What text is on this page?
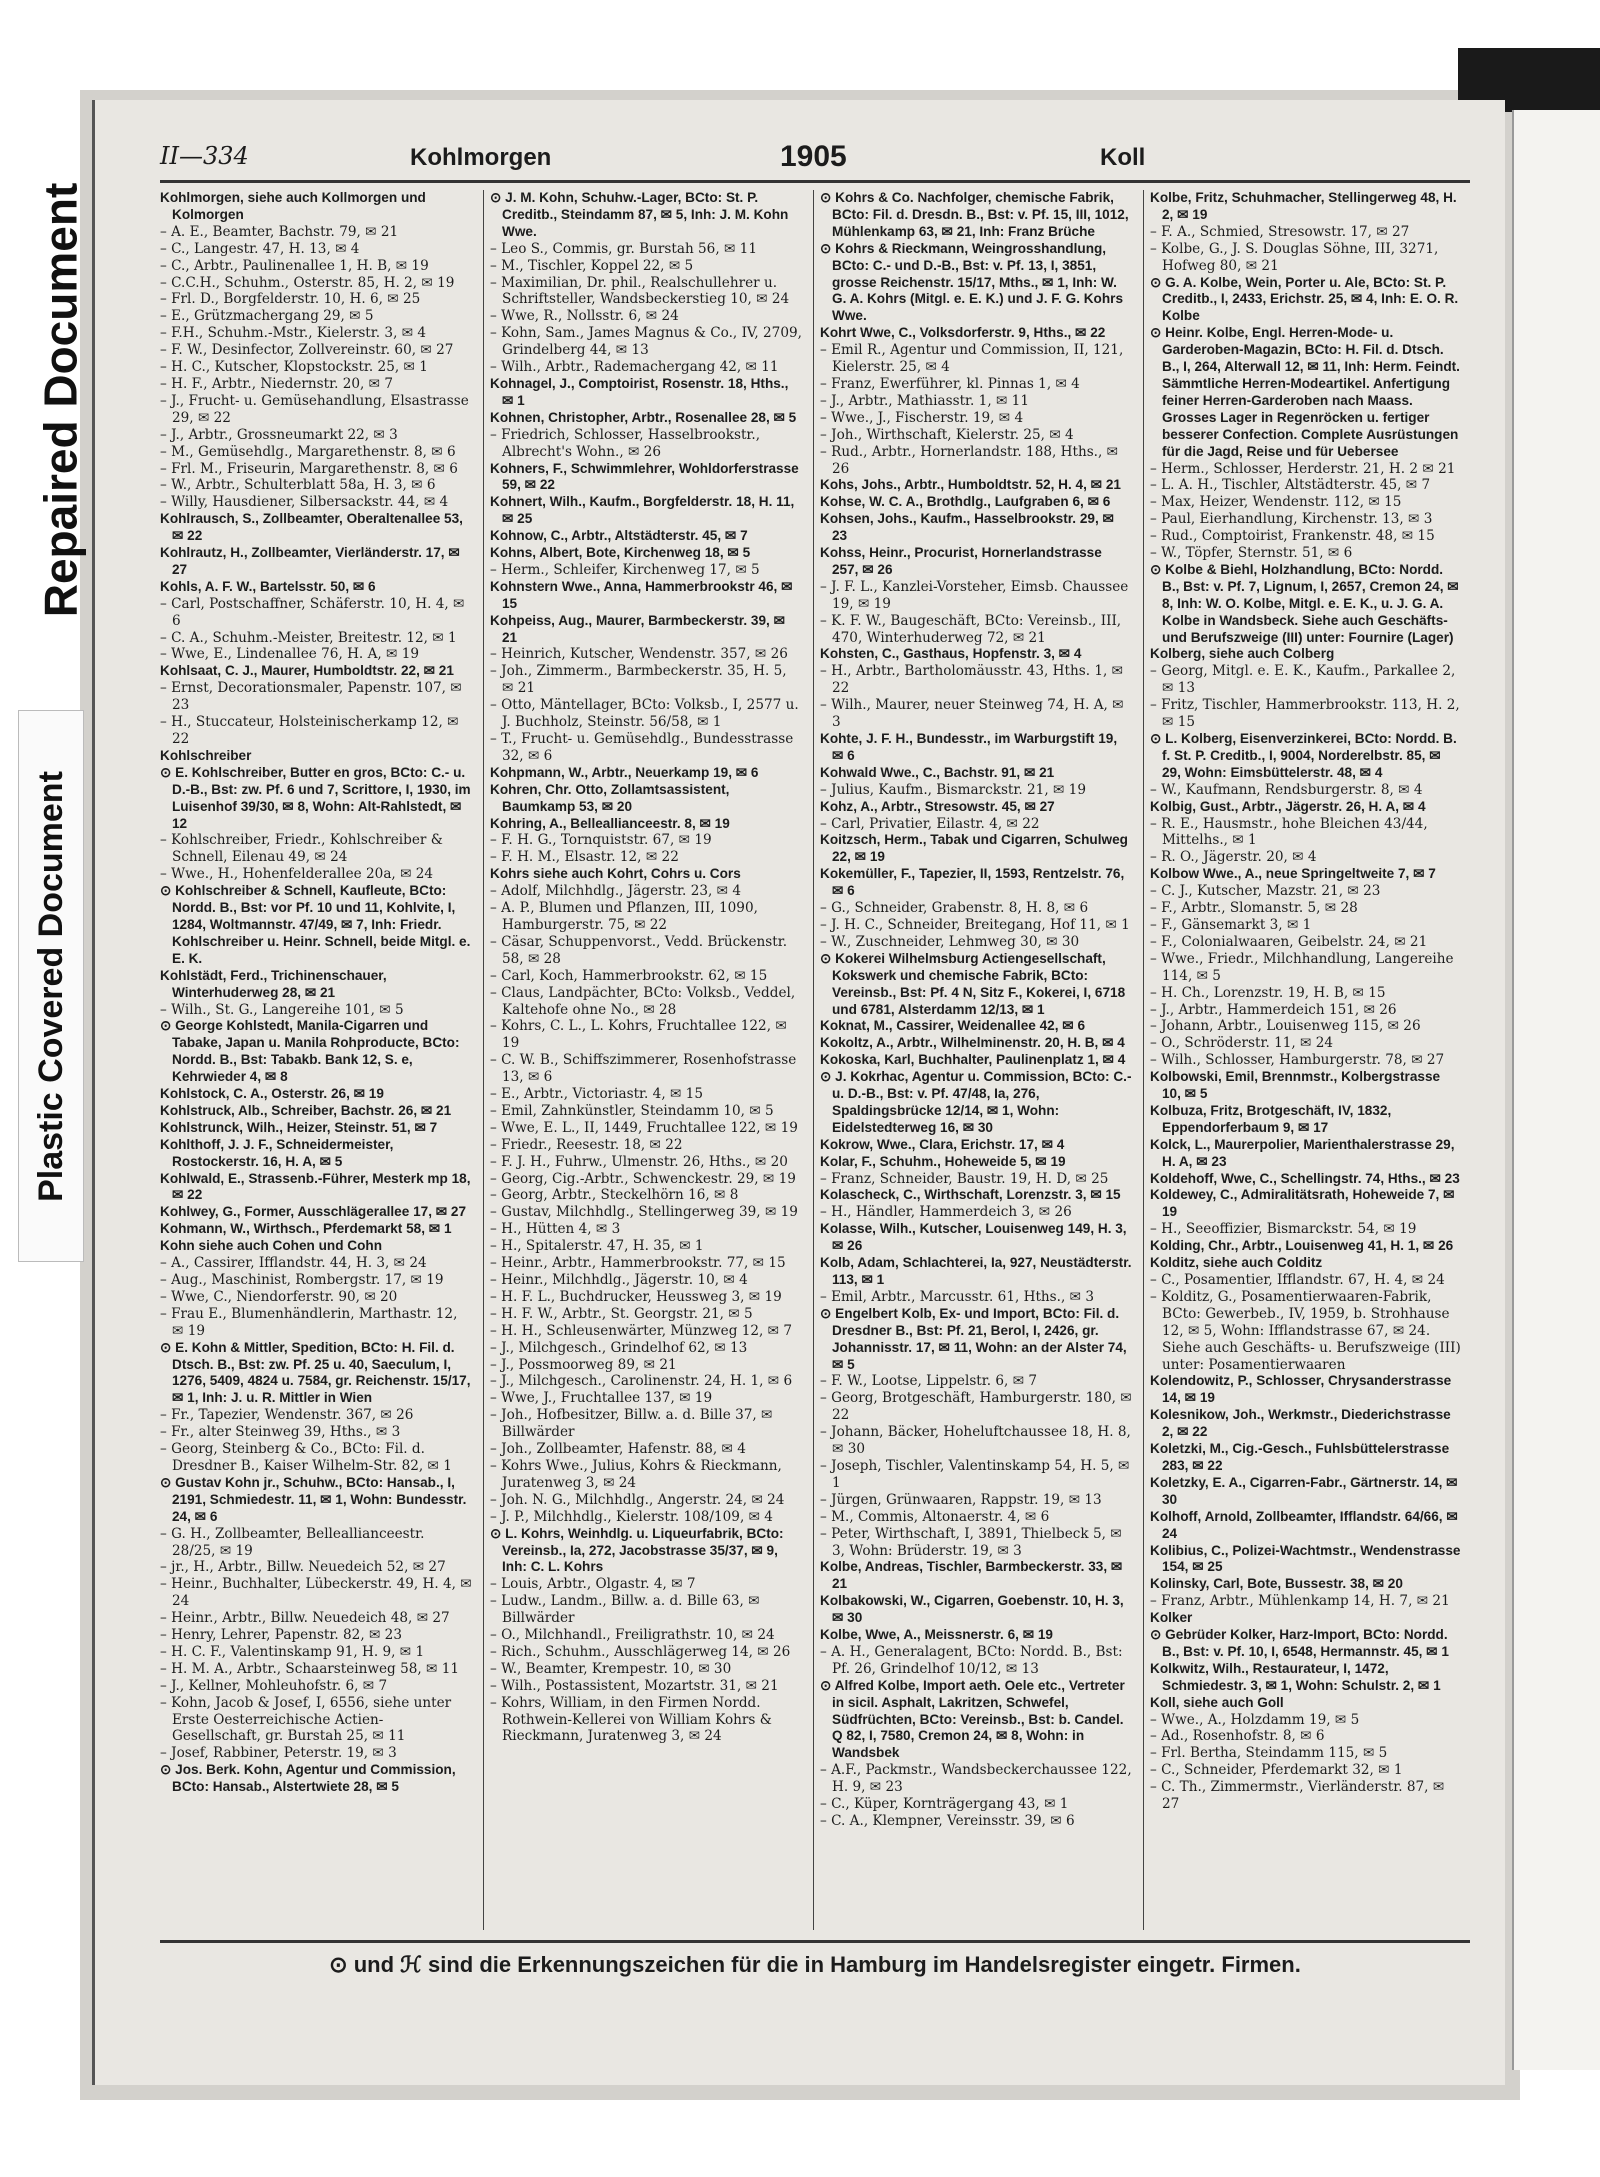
Repaired Document
Plastic Covered Document
II—334	Kohlmorgen	1905	Koll

Kohlmorgen, siehe auch Kollmorgen und Kolmorgen

– A. E., Beamter, Bachstr. 79, ✉ 21

– C., Langestr. 47, H. 13, ✉ 4

– C., Arbtr., Paulinenallee 1, H. B, ✉ 19

– C.C.H., Schuhm., Osterstr. 85, H. 2, ✉ 19

– Frl. D., Borgfelderstr. 10, H. 6, ✉ 25

– E., Grützmachergang 29, ✉ 5

– F.H., Schuhm.-Mstr., Kielerstr. 3, ✉ 4

– F. W., Desinfector, Zollvereinstr. 60, ✉ 27

– H. C., Kutscher, Klopstockstr. 25, ✉ 1

– H. F., Arbtr., Niedernstr. 20, ✉ 7

– J., Frucht- u. Gemüsehandlung, Elsastrasse 29, ✉ 22

– J., Arbtr., Grossneumarkt 22, ✉ 3

– M., Gemüsehdlg., Margarethenstr. 8, ✉ 6

– Frl. M., Friseurin, Margarethenstr. 8, ✉ 6

– W., Arbtr., Schulterblatt 58a, H. 3, ✉ 6

– Willy, Hausdiener, Silbersackstr. 44, ✉ 4

Kohlrausch, S., Zollbeamter, Oberaltenallee 53, ✉ 22

Kohlrautz, H., Zollbeamter, Vierländerstr. 17, ✉ 27

Kohls, A. F. W., Bartelsstr. 50, ✉ 6

– Carl, Postschaffner, Schäferstr. 10, H. 4, ✉ 6

– C. A., Schuhm.-Meister, Breitestr. 12, ✉ 1

– Wwe, E., Lindenallee 76, H. A, ✉ 19

Kohlsaat, C. J., Maurer, Humboldtstr. 22, ✉ 21

– Ernst, Decorationsmaler, Papenstr. 107, ✉ 23

– H., Stuccateur, Holsteinischerkamp 12, ✉ 22

Kohlschreiber

⊙ E. Kohlschreiber, Butter en gros, BCto: C.- u. D.-B., Bst: zw. Pf. 6 und 7, Scrittore, I, 1930, im Luisenhof 39/30, ✉ 8, Wohn: Alt-Rahlstedt, ✉ 12

– Kohlschreiber, Friedr., Kohlschreiber & Schnell, Eilenau 49, ✉ 24

– Wwe., H., Hohenfelderallee 20a, ✉ 24

⊙ Kohlschreiber & Schnell, Kaufleute, BCto: Nordd. B., Bst: vor Pf. 10 und 11, Kohlvite, I, 1284, Woltmannstr. 47/49, ✉ 7, Inh: Friedr. Kohlschreiber u. Heinr. Schnell, beide Mitgl. e. E. K.

Kohlstädt, Ferd., Trichinenschauer, Winterhuderweg 28, ✉ 21

– Wilh., St. G., Langereihe 101, ✉ 5

⊙ George Kohlstedt, Manila-Cigarren und Tabake, Japan u. Manila Rohproducte, BCto: Nordd. B., Bst: Tabakb. Bank 12, S. e, Kehrwieder 4, ✉ 8

Kohlstock, C. A., Osterstr. 26, ✉ 19

Kohlstruck, Alb., Schreiber, Bachstr. 26, ✉ 21

Kohlstrunck, Wilh., Heizer, Steinstr. 51, ✉ 7

Kohlthoff, J. J. F., Schneidermeister, Rostockerstr. 16, H. A, ✉ 5

Kohlwald, E., Strassenb.-Führer, Mesterk mp 18, ✉ 22

Kohlwey, G., Former, Ausschlägerallee 17, ✉ 27

Kohmann, W., Wirthsch., Pferdemarkt 58, ✉ 1

Kohn siehe auch Cohen und Cohn

– A., Cassirer, Ifflandstr. 44, H. 3, ✉ 24

– Aug., Maschinist, Rombergstr. 17, ✉ 19

– Wwe, C., Niendorferstr. 90, ✉ 20

– Frau E., Blumenhändlerin, Marthastr. 12, ✉ 19

⊙ E. Kohn & Mittler, Spedition, BCto: H. Fil. d. Dtsch. B., Bst: zw. Pf. 25 u. 40, Saeculum, I, 1276, 5409, 4824 u. 7584, gr. Reichenstr. 15/17, ✉ 1, Inh: J. u. R. Mittler in Wien

– Fr., Tapezier, Wendenstr. 367, ✉ 26

– Fr., alter Steinweg 39, Hths., ✉ 3

– Georg, Steinberg & Co., BCto: Fil. d. Dresdner B., Kaiser Wilhelm-Str. 82, ✉ 1

⊙ Gustav Kohn jr., Schuhw., BCto: Hansab., I, 2191, Schmiedestr. 11, ✉ 1, Wohn: Bundesstr. 24, ✉ 6

– G. H., Zollbeamter, Belleallianceestr. 28/25, ✉ 19

– jr., H., Arbtr., Billw. Neuedeich 52, ✉ 27

– Heinr., Buchhalter, Lübeckerstr. 49, H. 4, ✉ 24

– Heinr., Arbtr., Billw. Neuedeich 48, ✉ 27

– Henry, Lehrer, Papenstr. 82, ✉ 23

– H. C. F., Valentinskamp 91, H. 9, ✉ 1

– H. M. A., Arbtr., Schaarsteinweg 58, ✉ 11

– J., Kellner, Mohleuhofstr. 6, ✉ 7

– Kohn, Jacob & Josef, I, 6556, siehe unter Erste Oesterreichische Actien-Gesellschaft, gr. Burstah 25, ✉ 11

– Josef, Rabbiner, Peterstr. 19, ✉ 3

⊙ Jos. Berk. Kohn, Agentur und Commission, BCto: Hansab., Alstertwiete 28, ✉ 5

⊙ J. M. Kohn, Schuhw.-Lager, BCto: St. P. Creditb., Steindamm 87, ✉ 5, Inh: J. M. Kohn Wwe.

– Leo S., Commis, gr. Burstah 56, ✉ 11

– M., Tischler, Koppel 22, ✉ 5

– Maximilian, Dr. phil., Realschullehrer u. Schriftsteller, Wandsbeckerstieg 10, ✉ 24

– Wwe, R., Nollsstr. 6, ✉ 24

– Kohn, Sam., James Magnus & Co., IV, 2709, Grindelberg 44, ✉ 13

– Wilh., Arbtr., Rademachergang 42, ✉ 11

Kohnagel, J., Comptoirist, Rosenstr. 18, Hths., ✉ 1

Kohnen, Christopher, Arbtr., Rosenallee 28, ✉ 5

– Friedrich, Schlosser, Hasselbrookstr., Albrecht's Wohn., ✉ 26

Kohners, F., Schwimmlehrer, Wohldorferstrasse 59, ✉ 22

Kohnert, Wilh., Kaufm., Borgfelderstr. 18, H. 11, ✉ 25

Kohnow, C., Arbtr., Altstädterstr. 45, ✉ 7

Kohns, Albert, Bote, Kirchenweg 18, ✉ 5

– Herm., Schleifer, Kirchenweg 17, ✉ 5

Kohnstern Wwe., Anna, Hammerbrookstr 46, ✉ 15

Kohpeiss, Aug., Maurer, Barmbeckerstr. 39, ✉ 21

– Heinrich, Kutscher, Wendenstr. 357, ✉ 26

– Joh., Zimmerm., Barmbeckerstr. 35, H. 5, ✉ 21

– Otto, Mäntellager, BCto: Volksb., I, 2577 u. J. Buchholz, Steinstr. 56/58, ✉ 1

– T., Frucht- u. Gemüsehdlg., Bundesstrasse 32, ✉ 6

Kohpmann, W., Arbtr., Neuerkamp 19, ✉ 6

Kohren, Chr. Otto, Zollamtsassistent, Baumkamp 53, ✉ 20

Kohring, A., Belleallianceestr. 8, ✉ 19

– F. H. G., Tornquiststr. 67, ✉ 19

– F. H. M., Elsastr. 12, ✉ 22

Kohrs siehe auch Kohrt, Cohrs u. Cors

– Adolf, Milchhdlg., Jägerstr. 23, ✉ 4

– A. P., Blumen und Pflanzen, III, 1090, Hamburgerstr. 75, ✉ 22

– Cäsar, Schuppenvorst., Vedd. Brückenstr. 58, ✉ 28

– Carl, Koch, Hammerbrookstr. 62, ✉ 15

– Claus, Landpächter, BCto: Volksb., Veddel, Kaltehofe ohne No., ✉ 28

– Kohrs, C. L., L. Kohrs, Fruchtallee 122, ✉ 19

– C. W. B., Schiffszimmerer, Rosenhofstrasse 13, ✉ 6

– E., Arbtr., Victoriastr. 4, ✉ 15

– Emil, Zahnkünstler, Steindamm 10, ✉ 5

– Wwe, E. L., II, 1449, Fruchtallee 122, ✉ 19

– Friedr., Reesestr. 18, ✉ 22

– F. J. H., Fuhrw., Ulmenstr. 26, Hths., ✉ 20

– Georg, Cig.-Arbtr., Schwenckestr. 29, ✉ 19

– Georg, Arbtr., Steckelhörn 16, ✉ 8

– Gustav, Milchhdlg., Stellingerweg 39, ✉ 19

– H., Hütten 4, ✉ 3

– H., Spitalerstr. 47, H. 35, ✉ 1

– Heinr., Arbtr., Hammerbrookstr. 77, ✉ 15

– Heinr., Milchhdlg., Jägerstr. 10, ✉ 4

– H. F. L., Buchdrucker, Heussweg 3, ✉ 19

– H. F. W., Arbtr., St. Georgstr. 21, ✉ 5

– H. H., Schleusenwärter, Münzweg 12, ✉ 7

– J., Milchgesch., Grindelhof 62, ✉ 13

– J., Possmoorweg 89, ✉ 21

– J., Milchgesch., Carolinenstr. 24, H. 1, ✉ 6

– Wwe, J., Fruchtallee 137, ✉ 19

– Joh., Hofbesitzer, Billw. a. d. Bille 37, ✉ Billwärder

– Joh., Zollbeamter, Hafenstr. 88, ✉ 4

– Kohrs Wwe., Julius, Kohrs & Rieckmann, Juratenweg 3, ✉ 24

– Joh. N. G., Milchhdlg., Angerstr. 24, ✉ 24

– J. P., Milchhdlg., Kielerstr. 108/109, ✉ 4

⊙ L. Kohrs, Weinhdlg. u. Liqueurfabrik, BCto: Vereinsb., Ia, 272, Jacobstrasse 35/37, ✉ 9, Inh: C. L. Kohrs

– Louis, Arbtr., Olgastr. 4, ✉ 7

– Ludw., Landm., Billw. a. d. Bille 63, ✉ Billwärder

– O., Milchhandl., Freiligrathstr. 10, ✉ 24

– Rich., Schuhm., Ausschlägerweg 14, ✉ 26

– W., Beamter, Krempestr. 10, ✉ 30

– Wilh., Postassistent, Mozartstr. 31, ✉ 21

– Kohrs, William, in den Firmen Nordd. Rothwein-Kellerei von William Kohrs & Rieckmann, Juratenweg 3, ✉ 24

⊙ Kohrs & Co. Nachfolger, chemische Fabrik, BCto: Fil. d. Dresdn. B., Bst: v. Pf. 15, III, 1012, Mühlenkamp 63, ✉ 21, Inh: Franz Brüche

⊙ Kohrs & Rieckmann, Weingrosshandlung, BCto: C.- und D.-B., Bst: v. Pf. 13, I, 3851, grosse Reichenstr. 15/17, Mths., ✉ 1, Inh: W. G. A. Kohrs (Mitgl. e. E. K.) und J. F. G. Kohrs Wwe.

Kohrt Wwe, C., Volksdorferstr. 9, Hths., ✉ 22

– Emil R., Agentur und Commission, II, 121, Kielerstr. 25, ✉ 4

– Franz, Ewerführer, kl. Pinnas 1, ✉ 4

– J., Arbtr., Mathiasstr. 1, ✉ 11

– Wwe., J., Fischerstr. 19, ✉ 4

– Joh., Wirthschaft, Kielerstr. 25, ✉ 4

– Rud., Arbtr., Hornerlandstr. 188, Hths., ✉ 26

Kohs, Johs., Arbtr., Humboldtstr. 52, H. 4, ✉ 21

Kohse, W. C. A., Brothdlg., Laufgraben 6, ✉ 6

Kohsen, Johs., Kaufm., Hasselbrookstr. 29, ✉ 23

Kohss, Heinr., Procurist, Hornerlandstrasse 257, ✉ 26

– J. F. L., Kanzlei-Vorsteher, Eimsb. Chaussee 19, ✉ 19

– K. F. W., Baugeschäft, BCto: Vereinsb., III, 470, Winterhuderweg 72, ✉ 21

Kohsten, C., Gasthaus, Hopfenstr. 3, ✉ 4

– H., Arbtr., Bartholomäusstr. 43, Hths. 1, ✉ 22

– Wilh., Maurer, neuer Steinweg 74, H. A, ✉ 3

Kohte, J. F. H., Bundesstr., im Warburgstift 19, ✉ 6

Kohwald Wwe., C., Bachstr. 91, ✉ 21

– Julius, Kaufm., Bismarckstr. 21, ✉ 19

Kohz, A., Arbtr., Stresowstr. 45, ✉ 27

– Carl, Privatier, Eilastr. 4, ✉ 22

Koitzsch, Herm., Tabak und Cigarren, Schulweg 22, ✉ 19

Kokemüller, F., Tapezier, II, 1593, Rentzelstr. 76, ✉ 6

– G., Schneider, Grabenstr. 8, H. 8, ✉ 6

– J. H. C., Schneider, Breitegang, Hof 11, ✉ 1

– W., Zuschneider, Lehmweg 30, ✉ 30

⊙ Kokerei Wilhelmsburg Actiengesellschaft, Kokswerk und chemische Fabrik, BCto: Vereinsb., Bst: Pf. 4 N, Sitz F., Kokerei, I, 6718 und 6781, Alsterdamm 12/13, ✉ 1

Koknat, M., Cassirer, Weidenallee 42, ✉ 6

Kokoltz, A., Arbtr., Wilhelminenstr. 20, H. B, ✉ 4

Kokoska, Karl, Buchhalter, Paulinenplatz 1, ✉ 4

⊙ J. Kokrhac, Agentur u. Commission, BCto: C.- u. D.-B., Bst: v. Pf. 47/48, Ia, 276, Spaldingsbrücke 12/14, ✉ 1, Wohn: Eidelstedterweg 16, ✉ 30

Kokrow, Wwe., Clara, Erichstr. 17, ✉ 4

Kolar, F., Schuhm., Hoheweide 5, ✉ 19

– Franz, Schneider, Baustr. 19, H. D, ✉ 25

Kolascheck, C., Wirthschaft, Lorenzstr. 3, ✉ 15

– H., Händler, Hammerdeich 3, ✉ 26

Kolasse, Wilh., Kutscher, Louisenweg 149, H. 3, ✉ 26

Kolb, Adam, Schlachterei, Ia, 927, Neustädterstr. 113, ✉ 1

– Emil, Arbtr., Marcusstr. 61, Hths., ✉ 3

⊙ Engelbert Kolb, Ex- und Import, BCto: Fil. d. Dresdner B., Bst: Pf. 21, Berol, I, 2426, gr. Johannisstr. 17, ✉ 11, Wohn: an der Alster 74, ✉ 5

– F. W., Lootse, Lippelstr. 6, ✉ 7

– Georg, Brotgeschäft, Hamburgerstr. 180, ✉ 22

– Johann, Bäcker, Hoheluftchaussee 18, H. 8, ✉ 30

– Joseph, Tischler, Valentinskamp 54, H. 5, ✉ 1

– Jürgen, Grünwaaren, Rappstr. 19, ✉ 13

– M., Commis, Altonaerstr. 4, ✉ 6

– Peter, Wirthschaft, I, 3891, Thielbeck 5, ✉ 3, Wohn: Brüderstr. 19, ✉ 3

Kolbe, Andreas, Tischler, Barmbeckerstr. 33, ✉ 21

Kolbakowski, W., Cigarren, Goebenstr. 10, H. 3, ✉ 30

Kolbe, Wwe, A., Meissnerstr. 6, ✉ 19

– A. H., Generalagent, BCto: Nordd. B., Bst: Pf. 26, Grindelhof 10/12, ✉ 13

⊙ Alfred Kolbe, Import aeth. Oele etc., Vertreter in sicil. Asphalt, Lakritzen, Schwefel, Südfrüchten, BCto: Vereinsb., Bst: b. Candel. Q 82, I, 7580, Cremon 24, ✉ 8, Wohn: in Wandsbek

– A.F., Packmstr., Wandsbeckerchaussee 122, H. 9, ✉ 23

– C., Küper, Kornträgergang 43, ✉ 1

– C. A., Klempner, Vereinsstr. 39, ✉ 6

Kolbe, Fritz, Schuhmacher, Stellingerweg 48, H. 2, ✉ 19

– F. A., Schmied, Stresowstr. 17, ✉ 27

– Kolbe, G., J. S. Douglas Söhne, III, 3271, Hofweg 80, ✉ 21

⊙ G. A. Kolbe, Wein, Porter u. Ale, BCto: St. P. Creditb., I, 2433, Erichstr. 25, ✉ 4, Inh: E. O. R. Kolbe

⊙ Heinr. Kolbe, Engl. Herren-Mode- u. Garderoben-Magazin, BCto: H. Fil. d. Dtsch. B., I, 264, Alterwall 12, ✉ 11, Inh: Herm. Feindt. Sämmtliche Herren-Modeartikel. Anfertigung feiner Herren-Garderoben nach Maass. Grosses Lager in Regenröcken u. fertiger besserer Confection. Complete Ausrüstungen für die Jagd, Reise und für Uebersee

– Herm., Schlosser, Herderstr. 21, H. 2 ✉ 21

– L. A. H., Tischler, Altstädterstr. 45, ✉ 7

– Max, Heizer, Wendenstr. 112, ✉ 15

– Paul, Eierhandlung, Kirchenstr. 13, ✉ 3

– Rud., Comptoirist, Frankenstr. 48, ✉ 15

– W., Töpfer, Sternstr. 51, ✉ 6

⊙ Kolbe & Biehl, Holzhandlung, BCto: Nordd. B., Bst: v. Pf. 7, Lignum, I, 2657, Cremon 24, ✉ 8, Inh: W. O. Kolbe, Mitgl. e. E. K., u. J. G. A. Kolbe in Wandsbeck. Siehe auch Geschäfts- und Berufszweige (III) unter: Fournire (Lager)

Kolberg, siehe auch Colberg

– Georg, Mitgl. e. E. K., Kaufm., Parkallee 2, ✉ 13

– Fritz, Tischler, Hammerbrookstr. 113, H. 2, ✉ 15

⊙ L. Kolberg, Eisenverzinkerei, BCto: Nordd. B. f. St. P. Creditb., I, 9004, Norderelbstr. 85, ✉ 29, Wohn: Eimsbüttelerstr. 48, ✉ 4

– W., Kaufmann, Rendsburgerstr. 8, ✉ 4

Kolbig, Gust., Arbtr., Jägerstr. 26, H. A, ✉ 4

– R. E., Hausmstr., hohe Bleichen 43/44, Mittelhs., ✉ 1

– R. O., Jägerstr. 20, ✉ 4

Kolbow Wwe., A., neue Springeltweite 7, ✉ 7

– C. J., Kutscher, Mazstr. 21, ✉ 23

– F., Arbtr., Slomanstr. 5, ✉ 28

– F., Gänsemarkt 3, ✉ 1

– F., Colonialwaaren, Geibelstr. 24, ✉ 21

– Wwe., Friedr., Milchhandlung, Langereihe 114, ✉ 5

– H. Ch., Lorenzstr. 19, H. B, ✉ 15

– J., Arbtr., Hammerdeich 151, ✉ 26

– Johann, Arbtr., Louisenweg 115, ✉ 26

– O., Schröderstr. 11, ✉ 24

– Wilh., Schlosser, Hamburgerstr. 78, ✉ 27

Kolbowski, Emil, Brennmstr., Kolbergstrasse 10, ✉ 5

Kolbuza, Fritz, Brotgeschäft, IV, 1832, Eppendorferbaum 9, ✉ 17

Kolck, L., Maurerpolier, Marienthalerstrasse 29, H. A, ✉ 23

Koldehoff, Wwe, C., Schellingstr. 74, Hths., ✉ 23

Koldewey, C., Admiralitätsrath, Hoheweide 7, ✉ 19

– H., Seeoffizier, Bismarckstr. 54, ✉ 19

Kolding, Chr., Arbtr., Louisenweg 41, H. 1, ✉ 26

Kolditz, siehe auch Colditz

– C., Posamentier, Ifflandstr. 67, H. 4, ✉ 24

– Kolditz, G., Posamentierwaaren-Fabrik, BCto: Gewerbeb., IV, 1959, b. Strohhause 12, ✉ 5, Wohn: Ifflandstrasse 67, ✉ 24. Siehe auch Geschäfts- u. Berufszweige (III) unter: Posamentierwaaren

Kolendowitz, P., Schlosser, Chrysanderstrasse 14, ✉ 19

Kolesnikow, Joh., Werkmstr., Diederichstrasse 2, ✉ 22

Koletzki, M., Cig.-Gesch., Fuhlsbüttelerstrasse 283, ✉ 22

Koletzky, E. A., Cigarren-Fabr., Gärtnerstr. 14, ✉ 30

Kolhoff, Arnold, Zollbeamter, Ifflandstr. 64/66, ✉ 24

Kolibius, C., Polizei-Wachtmstr., Wendenstrasse 154, ✉ 25

Kolinsky, Carl, Bote, Bussestr. 38, ✉ 20

– Franz, Arbtr., Mühlenkamp 14, H. 7, ✉ 21

Kolker

⊙ Gebrüder Kolker, Harz-Import, BCto: Nordd. B., Bst: v. Pf. 10, I, 6548, Hermannstr. 45, ✉ 1

Kolkwitz, Wilh., Restaurateur, I, 1472, Schmiedestr. 3, ✉ 1, Wohn: Schulstr. 2, ✉ 1

Koll, siehe auch Goll

– Wwe., A., Holzdamm 19, ✉ 5

– Ad., Rosenhofstr. 8, ✉ 6

– Frl. Bertha, Steindamm 115, ✉ 5

– C., Schneider, Pferdemarkt 32, ✉ 1

– C. Th., Zimmermstr., Vierländerstr. 87, ✉ 27

⊙ und ℋ sind die Erkennungszeichen für die in Hamburg im Handelsregister eingetr. Firmen.
